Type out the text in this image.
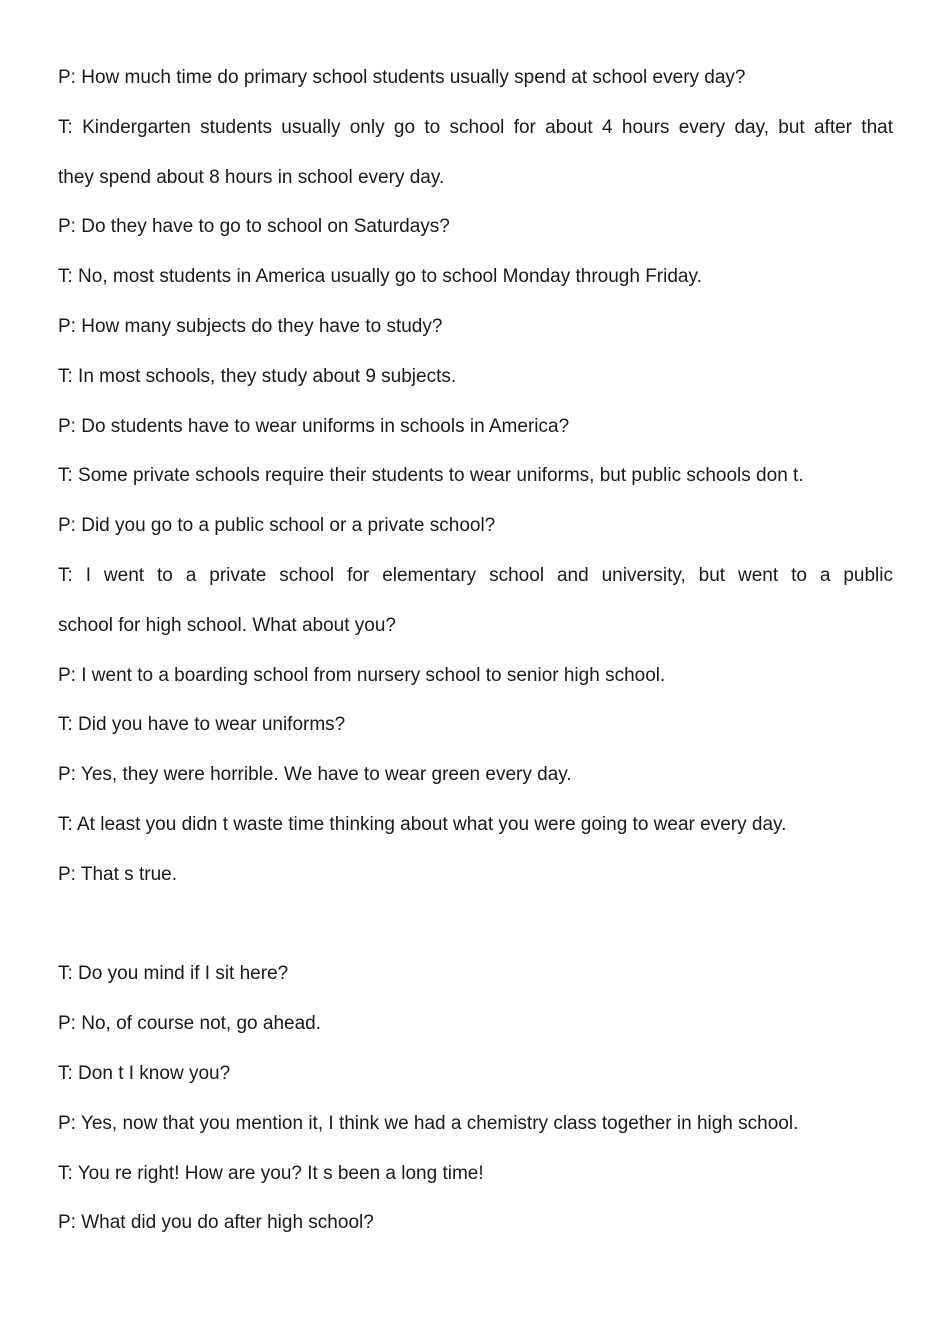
P: How much time do primary school students usually spend at school every day?
T: Kindergarten students usually only go to school for about 4 hours every day, but after that
they spend about 8 hours in school every day.
P: Do they have to go to school on Saturdays?
T: No, most students in America usually go to school Monday through Friday.
P: How many subjects do they have to study?
T: In most schools, they study about 9 subjects.
P: Do students have to wear uniforms in schools in America?
T: Some private schools require their students to wear uniforms, but public schools don t.
P: Did you go to a public school or a private school?
T: I went to a private school for elementary school and university, but went to a public
school for high school. What about you?
P: I went to a boarding school from nursery school to senior high school.
T: Did you have to wear uniforms?
P: Yes, they were horrible. We have to wear green every day.
T: At least you didn t waste time thinking about what you were going to wear every day.
P: That s true.
T: Do you mind if I sit here?
P: No, of course not, go ahead.
T: Don t I know you?
P: Yes, now that you mention it, I think we had a chemistry class together in high school.
T: You re right! How are you? It s been a long time!
P: What did you do after high school?
